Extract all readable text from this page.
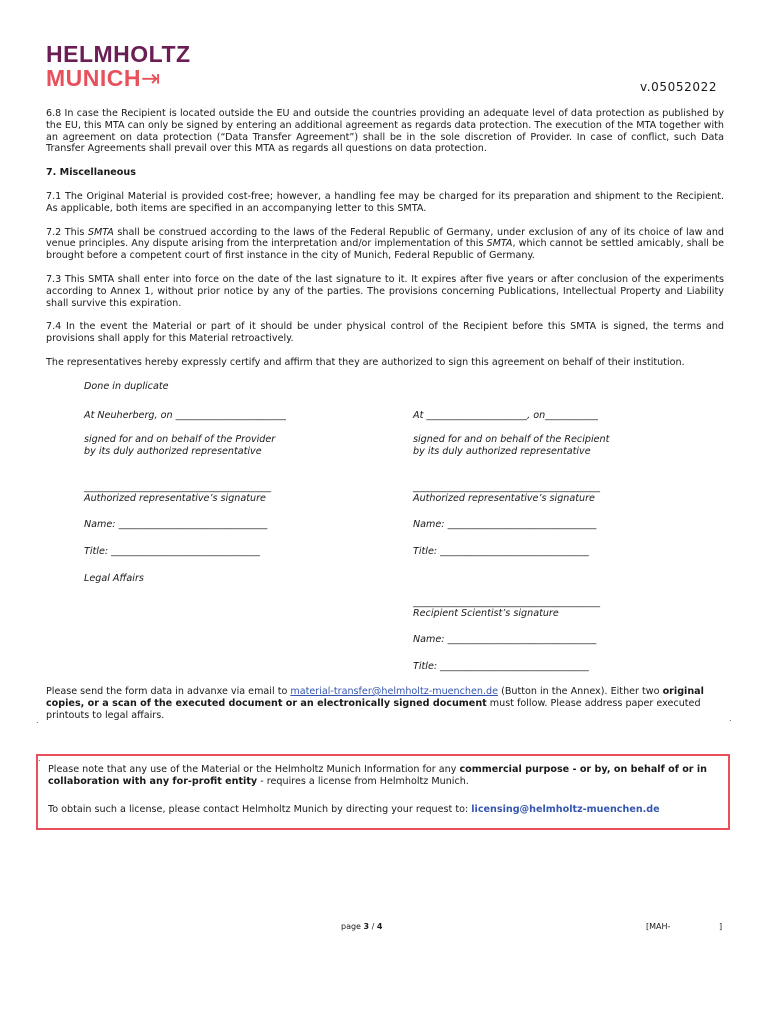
HELMHOLTZ
MUNICH⇥	v.05052022

6.8 In case the Recipient is located outside the EU and outside the countries providing an adequate level of data protection as published by the EU, this MTA can only be signed by entering an additional agreement as regards data protection. The execution of the MTA together with an agreement on data protection (“Data Transfer Agreement”) shall be in the sole discretion of Provider. In case of conflict, such Data Transfer Agreements shall prevail over this MTA as regards all questions on data protection.

7. Miscellaneous

7.1 The Original Material is provided cost-free; however, a handling fee may be charged for its preparation and shipment to the Recipient. As applicable, both items are specified in an accompanying letter to this SMTA.

7.2 This SMTA shall be construed according to the laws of the Federal Republic of Germany, under exclusion of any of its choice of law and venue principles. Any dispute arising from the interpretation and/or implementation of this SMTA, which cannot be settled amicably, shall be brought before a competent court of first instance in the city of Munich, Federal Republic of Germany.

7.3 This SMTA shall enter into force on the date of the last signature to it. It expires after five years or after conclusion of the experiments according to Annex 1, without prior notice by any of the parties. The provisions concerning Publications, Intellectual Property and Liability shall survive this expiration.

7.4 In the event the Material or part of it should be under physical control of the Recipient before this SMTA is signed, the terms and provisions shall apply for this Material retroactively.

The representatives hereby expressly certify and affirm that they are authorized to sign this agreement on behalf of their institution.

Done in duplicate
At Neuherberg, on _______________________	At _____________________, on___________
signed for and on behalf of the Provider
by its duly authorized representative
signed for and on behalf of the Recipient
by its duly authorized representative
_______________________________________	_______________________________________
Authorized representative’s signature	Authorized representative’s signature
Name: _______________________________	Name: _______________________________
Title: _______________________________	Title: _______________________________
Legal Affairs
_______________________________________
Recipient Scientist’s signature
Name: _______________________________
Title: _______________________________
Please send the form data in advanxe via email to material-transfer@helmholtz-muenchen.de (Button in the Annex). Either two original copies, or a scan of the executed document or an electronically signed document must follow. Please address paper executed printouts to legal affairs.
.	.
.
Please note that any use of the Material or the Helmholtz Munich Information for any commercial purpose - or by, on behalf of or in collaboration with any for-profit entity - requires a license from Helmholtz Munich.
To obtain such a license, please contact Helmholtz Munich by directing your request to: licensing@helmholtz-muenchen.de
page 3 / 4	[MAH-	]
